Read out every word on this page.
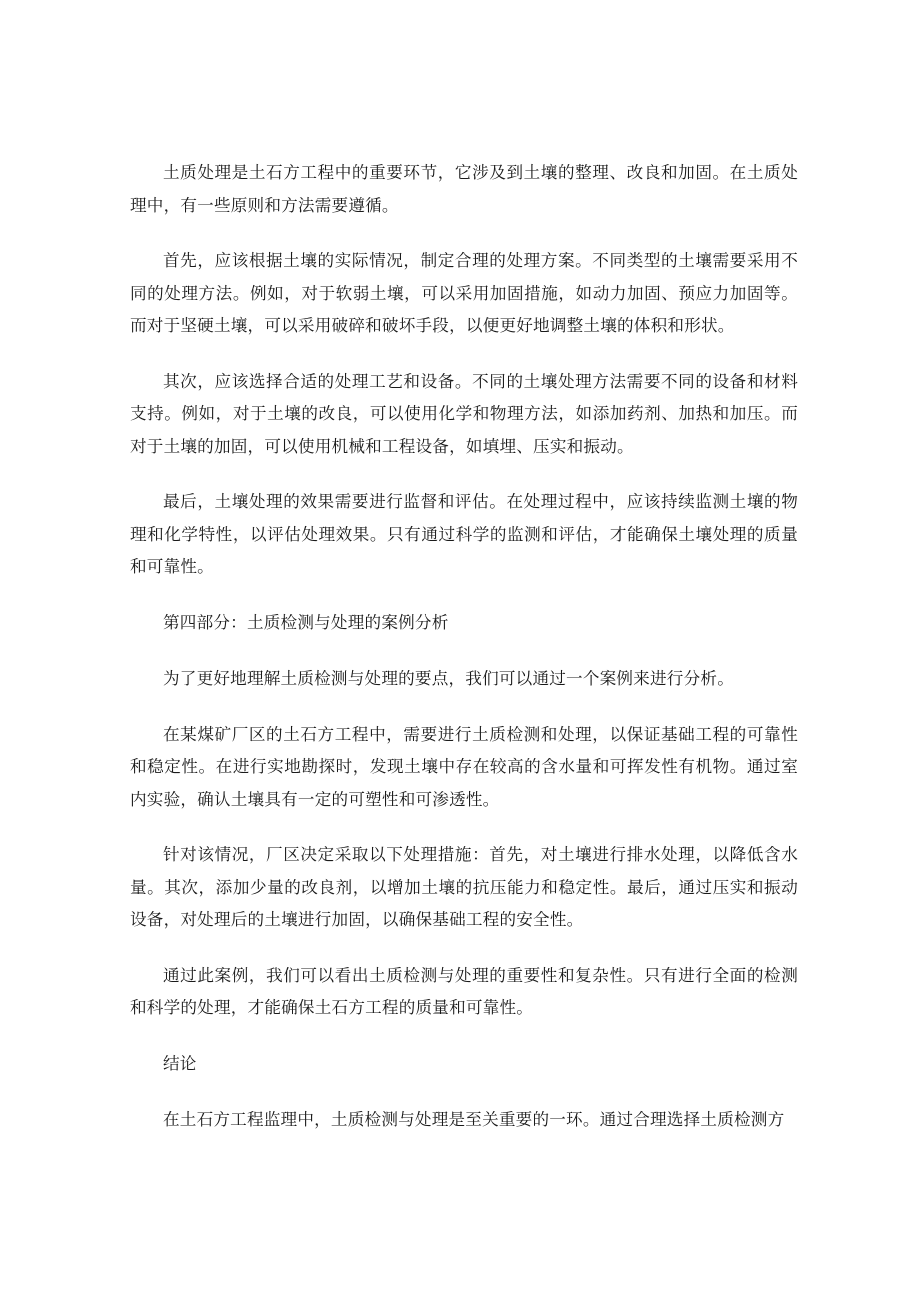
土质处理是土石方工程中的重要环节，它涉及到土壤的整理、改良和加固。在土质处理中，有一些原则和方法需要遵循。

首先，应该根据土壤的实际情况，制定合理的处理方案。不同类型的土壤需要采用不同的处理方法。例如，对于软弱土壤，可以采用加固措施，如动力加固、预应力加固等。而对于坚硬土壤，可以采用破碎和破坏手段，以便更好地调整土壤的体积和形状。

其次，应该选择合适的处理工艺和设备。不同的土壤处理方法需要不同的设备和材料支持。例如，对于土壤的改良，可以使用化学和物理方法，如添加药剂、加热和加压。而对于土壤的加固，可以使用机械和工程设备，如填埋、压实和振动。

最后，土壤处理的效果需要进行监督和评估。在处理过程中，应该持续监测土壤的物理和化学特性，以评估处理效果。只有通过科学的监测和评估，才能确保土壤处理的质量和可靠性。

第四部分：土质检测与处理的案例分析

为了更好地理解土质检测与处理的要点，我们可以通过一个案例来进行分析。

在某煤矿厂区的土石方工程中，需要进行土质检测和处理，以保证基础工程的可靠性和稳定性。在进行实地勘探时，发现土壤中存在较高的含水量和可挥发性有机物。通过室内实验，确认土壤具有一定的可塑性和可渗透性。

针对该情况，厂区决定采取以下处理措施：首先，对土壤进行排水处理，以降低含水量。其次，添加少量的改良剂，以增加土壤的抗压能力和稳定性。最后，通过压实和振动设备，对处理后的土壤进行加固，以确保基础工程的安全性。

通过此案例，我们可以看出土质检测与处理的重要性和复杂性。只有进行全面的检测和科学的处理，才能确保土石方工程的质量和可靠性。

结论

在土石方工程监理中，土质检测与处理是至关重要的一环。通过合理选择土质检测方
